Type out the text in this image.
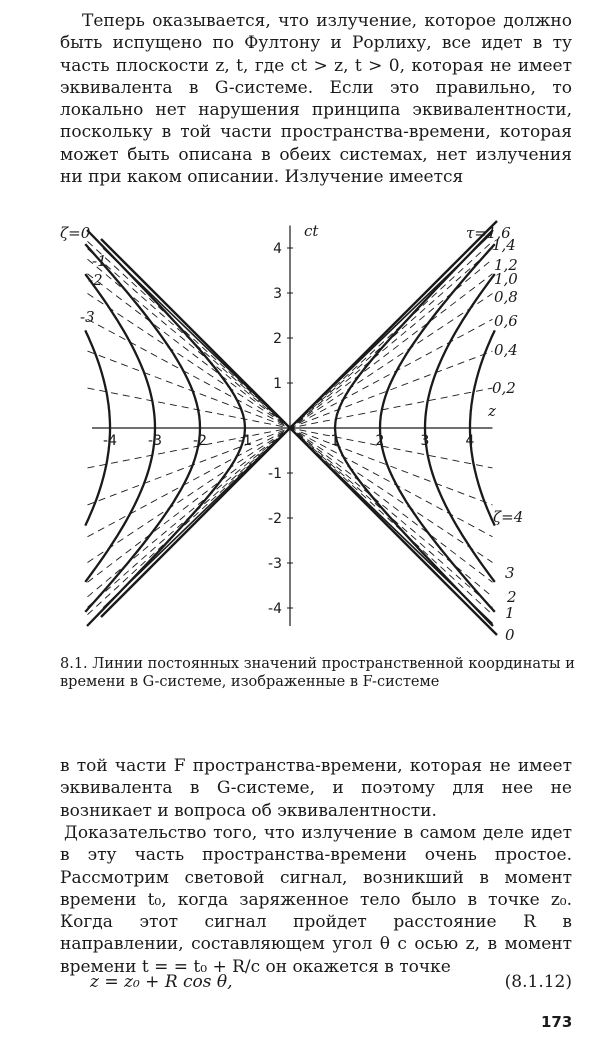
Теперь оказывается, что излучение, которое должно быть испущено по Фултону и Рорлиху, все идет в ту часть плоскости z, t, где ct > z, t > 0, которая не имеет эквивалента в G-системе. Если это правильно, то локально нет нарушения принципа эквивалентности, поскольку в той части пространства-времени, которая может быть описана в обеих системах, нет излучения ни при каком описании. Излучение имеется

ct
z
-4 -3 -2 -1	1	2	3	4
4
3
2
1
-1
-2
-3
-4
ζ=0
-1
-2
-3
τ=1,6
1,4
1,2
1,0
0,8
0,6
0,4
0,2
ζ=4
3
2
1
0

8.1. Линии постоянных значений пространственной координаты и времени в G-системе, изображенные в F-системе

в той части F пространства-времени, которая не имеет эквивалента в G-системе, и поэтому для нее не возникает и вопроса об эквивалентности.

Доказательство того, что излучение в самом деле идет в эту часть пространства-времени очень простое. Рассмотрим световой сигнал, возникший в момент времени t₀, когда заряженное тело было в точке z₀. Когда этот сигнал пройдет расстояние R в направлении, составляющем угол θ с осью z, в момент времени t = = t₀ + R/c он окажется в точке

z = z₀ + R cos θ,	(8.1.12)
173
